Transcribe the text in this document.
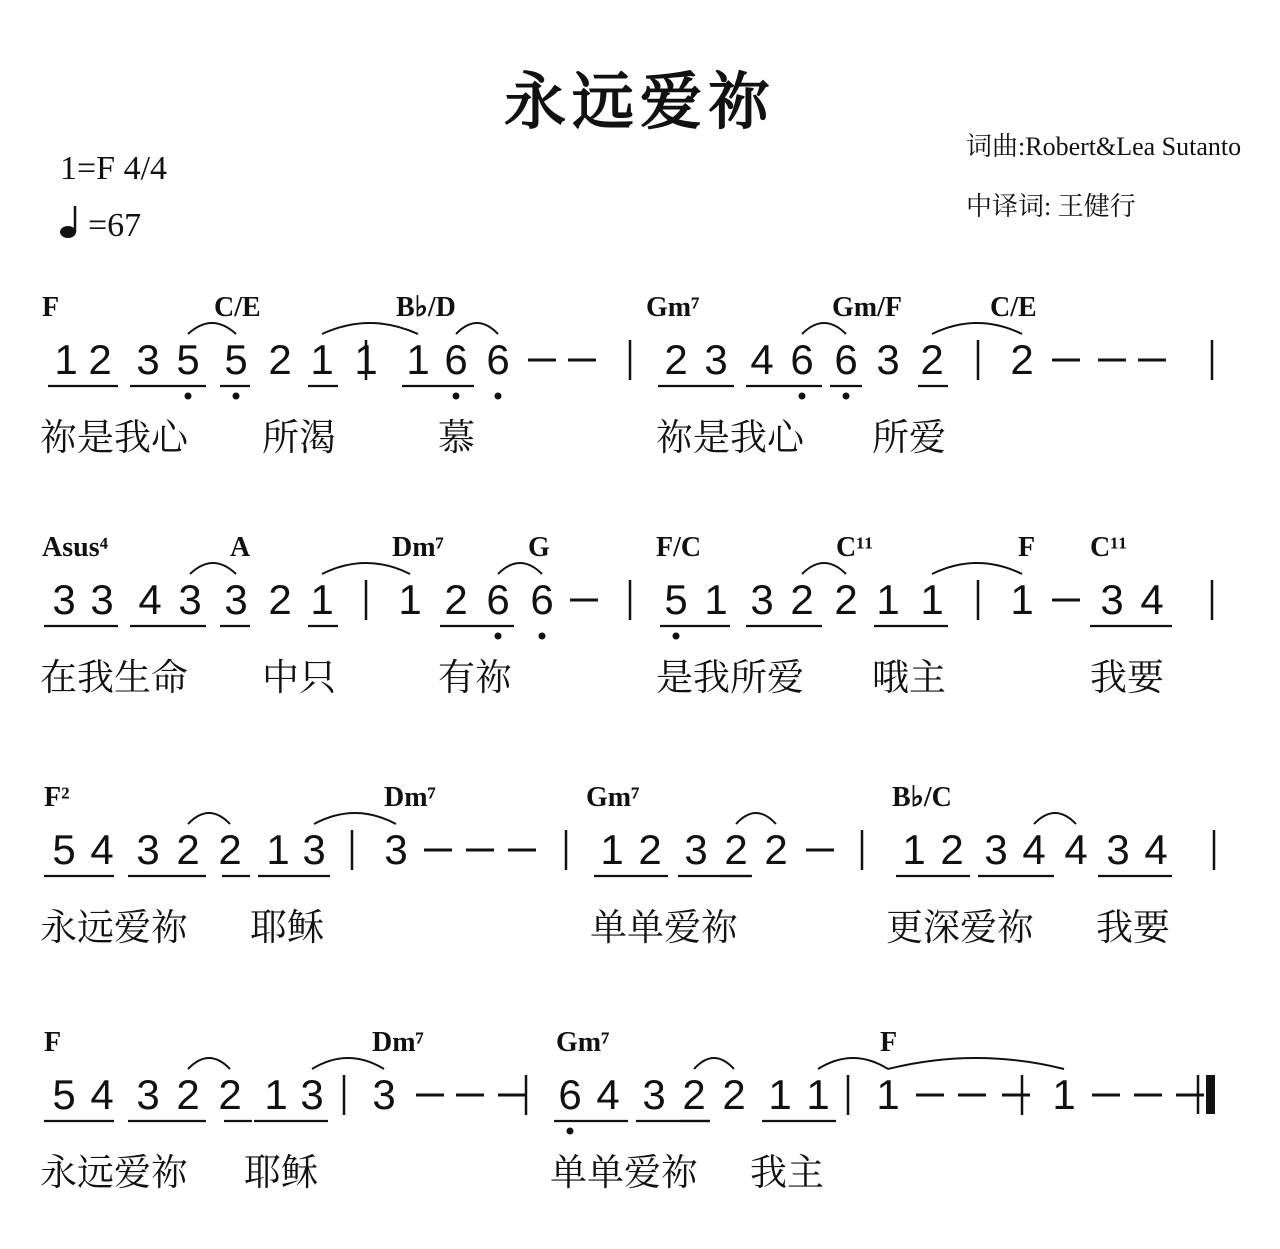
永远爱祢
1=F 4/4
=67
词曲:Robert&Lea Sutanto
中译词: 王健行
F	C/E	B♭/D	Gm⁷	Gm/F	C/E
1 2 3 5 5 2 1 1 1 6 6	2 3 4 6 6 3 2 2
祢是我心 所渴	慕	祢是我心 所爱
Asus⁴	A	Dm⁷	G	F/C	C¹¹	F C¹¹
3 3 4 3 3 2 1 1 2 6 6	5 1 3 2 2 1 1 1 3 4
在我生命 中只	有祢	是我所爱 哦主	我要
F²	Dm⁷	Gm⁷	B♭/C
5 4 3 2 2 1 3 3	1 2 3 2 2	1 2 3 4 4 3 4
永远爱祢 耶稣	单单爱祢	更深爱祢 我要
F	Dm⁷	Gm⁷	F
5 4 3 2 2 1 3 3	6 4 3 2 2 1 1 1	1
永远爱祢 耶稣	单单爱祢 我主
